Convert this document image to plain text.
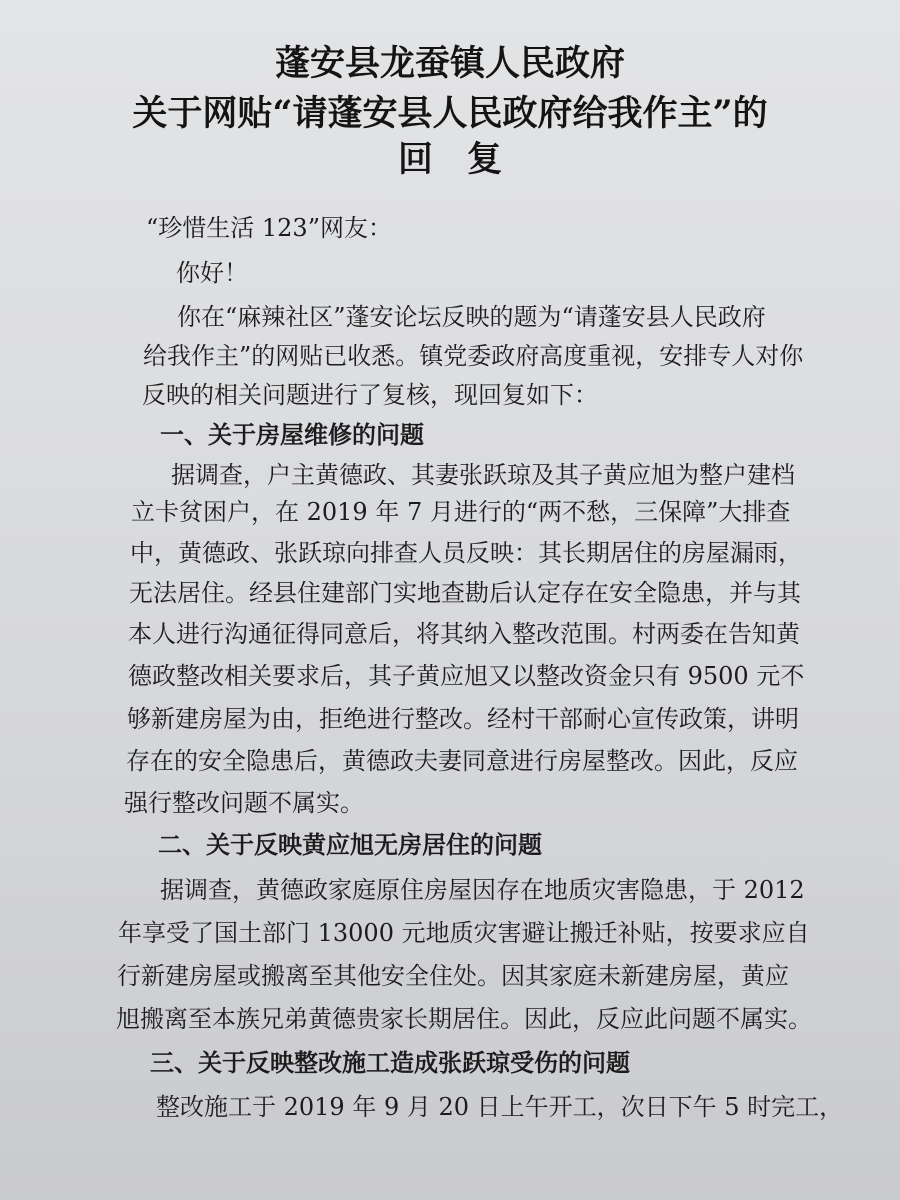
蓬安县龙蚕镇人民政府
关于网贴“请蓬安县人民政府给我作主”的
回复
“珍惜生活 123”网友：
你好！
你在“麻辣社区”蓬安论坛反映的题为“请蓬安县人民政府
给我作主”的网贴已收悉。镇党委政府高度重视，安排专人对你
反映的相关问题进行了复核，现回复如下：
一、关于房屋维修的问题
据调查，户主黄德政、其妻张跃琼及其子黄应旭为整户建档
立卡贫困户，在 2019 年 7 月进行的“两不愁，三保障”大排查
中，黄德政、张跃琼向排查人员反映：其长期居住的房屋漏雨，
无法居住。经县住建部门实地查勘后认定存在安全隐患，并与其
本人进行沟通征得同意后，将其纳入整改范围。村两委在告知黄
德政整改相关要求后，其子黄应旭又以整改资金只有 9500 元不
够新建房屋为由，拒绝进行整改。经村干部耐心宣传政策，讲明
存在的安全隐患后，黄德政夫妻同意进行房屋整改。因此，反应
强行整改问题不属实。
二、关于反映黄应旭无房居住的问题
据调查，黄德政家庭原住房屋因存在地质灾害隐患，于 2012
年享受了国土部门 13000 元地质灾害避让搬迁补贴，按要求应自
行新建房屋或搬离至其他安全住处。因其家庭未新建房屋，黄应
旭搬离至本族兄弟黄德贵家长期居住。因此，反应此问题不属实。
三、关于反映整改施工造成张跃琼受伤的问题
整改施工于 2019 年 9 月 20 日上午开工，次日下午 5 时完工，
